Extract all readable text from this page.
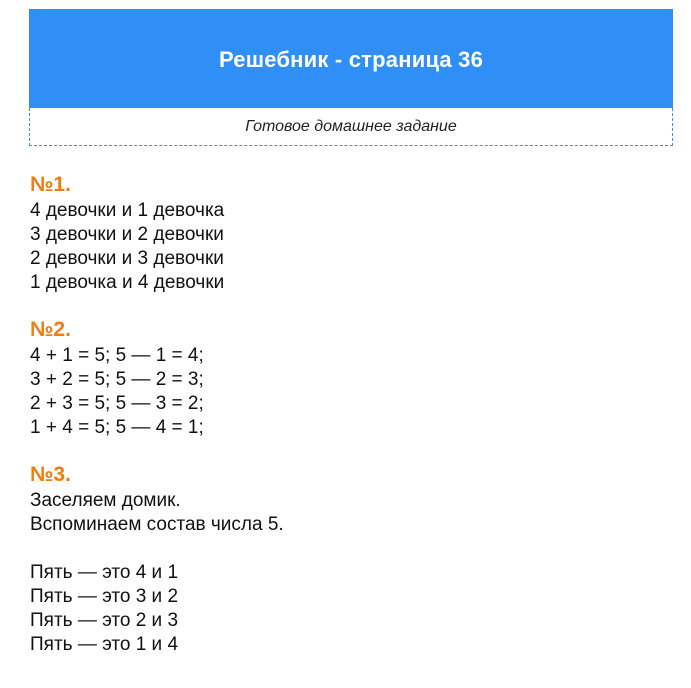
Решебник - страница 36
Готовое домашнее задание
№1.
4 девочки и 1 девочка
3 девочки и 2 девочки
2 девочки и 3 девочки
1 девочка и 4 девочки
№2.
4 + 1 = 5; 5 — 1 = 4;
3 + 2 = 5; 5 — 2 = 3;
2 + 3 = 5; 5 — 3 = 2;
1 + 4 = 5; 5 — 4 = 1;
№3.
Заселяем домик.
Вспоминаем состав числа 5.
Пять — это 4 и 1
Пять — это 3 и 2
Пять — это 2 и 3
Пять — это 1 и 4
